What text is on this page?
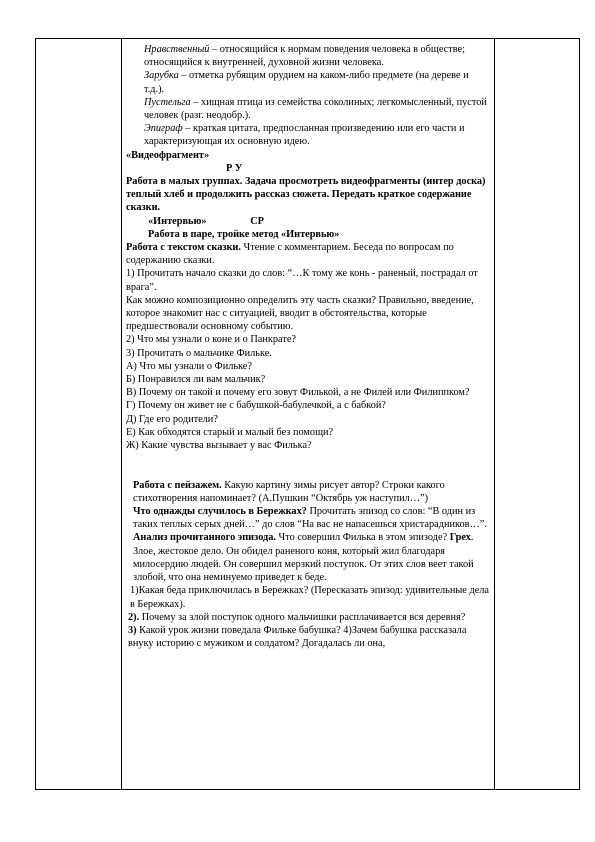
Нравственный – относящийся к нормам поведения человека в обществе; относящийся к внутренней, духовной жизни человека.

Зарубка – отметка рубящим орудием на каком-либо предмете (на дереве и т.д.).

Пустельга – хищная птица из семейства соколиных; легкомысленный, пустой человек (разг. неодобр.).

Эпиграф – краткая цитата, предпосланная произведению или его части и характеризующая их основную идею.

«Видеофрагмент»

Р У

Работа в малых группах. Задача просмотреть видеофрагменты (интер доска) теплый хлеб и продолжить рассказ сюжета. Передать краткое содержание сказки.

«Интервью»                 СР

Работа в паре, тройке метод «Интервью»

Работа с текстом сказки. Чтение с комментарием. Беседа по вопросам по содержанию сказки.

1) Прочитать начало сказки до слов: “…К тому же конь - раненый, пострадал от врага”.

Как можно композиционно определить эту часть сказки? Правильно, введение, которое знакомит нас с ситуацией, вводит в обстоятельства, которые предшествовали основному событию.

2) Что мы узнали о коне и о Панкрате?

3) Прочитать о мальчике Фильке.

А) Что мы узнали о Фильке?

Б) Понравился ли вам мальчик?

В) Почему он такой и почему его зовут Филькой, а не Филей или Филиппком?

Г) Почему он живет не с бабушкой-бабулечкой, а с бабкой?

Д) Где его родители?

Е) Как обходятся старый и малый без помощи?

Ж) Какие чувства вызывает у вас Филька?

Работа с пейзажем. Какую картину зимы рисует автор? Строки какого стихотворения напоминает? (А.Пушкин “Октябрь уж наступил…”)

Что однажды случилось в Бережках? Прочитать эпизод со слов: “В один из таких теплых серых дней…” до слов “На вас не напасешься христарадников…”.

Анализ прочитанного эпизода. Что совершил Филька в этом эпизоде? Грех. Злое, жестокое дело. Он обидел раненого коня, который жил благодаря милосердию людей. Он совершил мерзкий поступок. От этих слов веет такой злобой, что она неминуемо приведет к беде.

1)Какая беда приключилась в Бережках? (Пересказать эпизод: удивительные дела в Бережках).

2). Почему за злой поступок одного мальчишки расплачивается вся деревня?

3) Какой урок жизни поведала Фильке бабушка? 4)Зачем бабушка рассказала внуку историю с мужиком и солдатом? Догадалась ли она,
